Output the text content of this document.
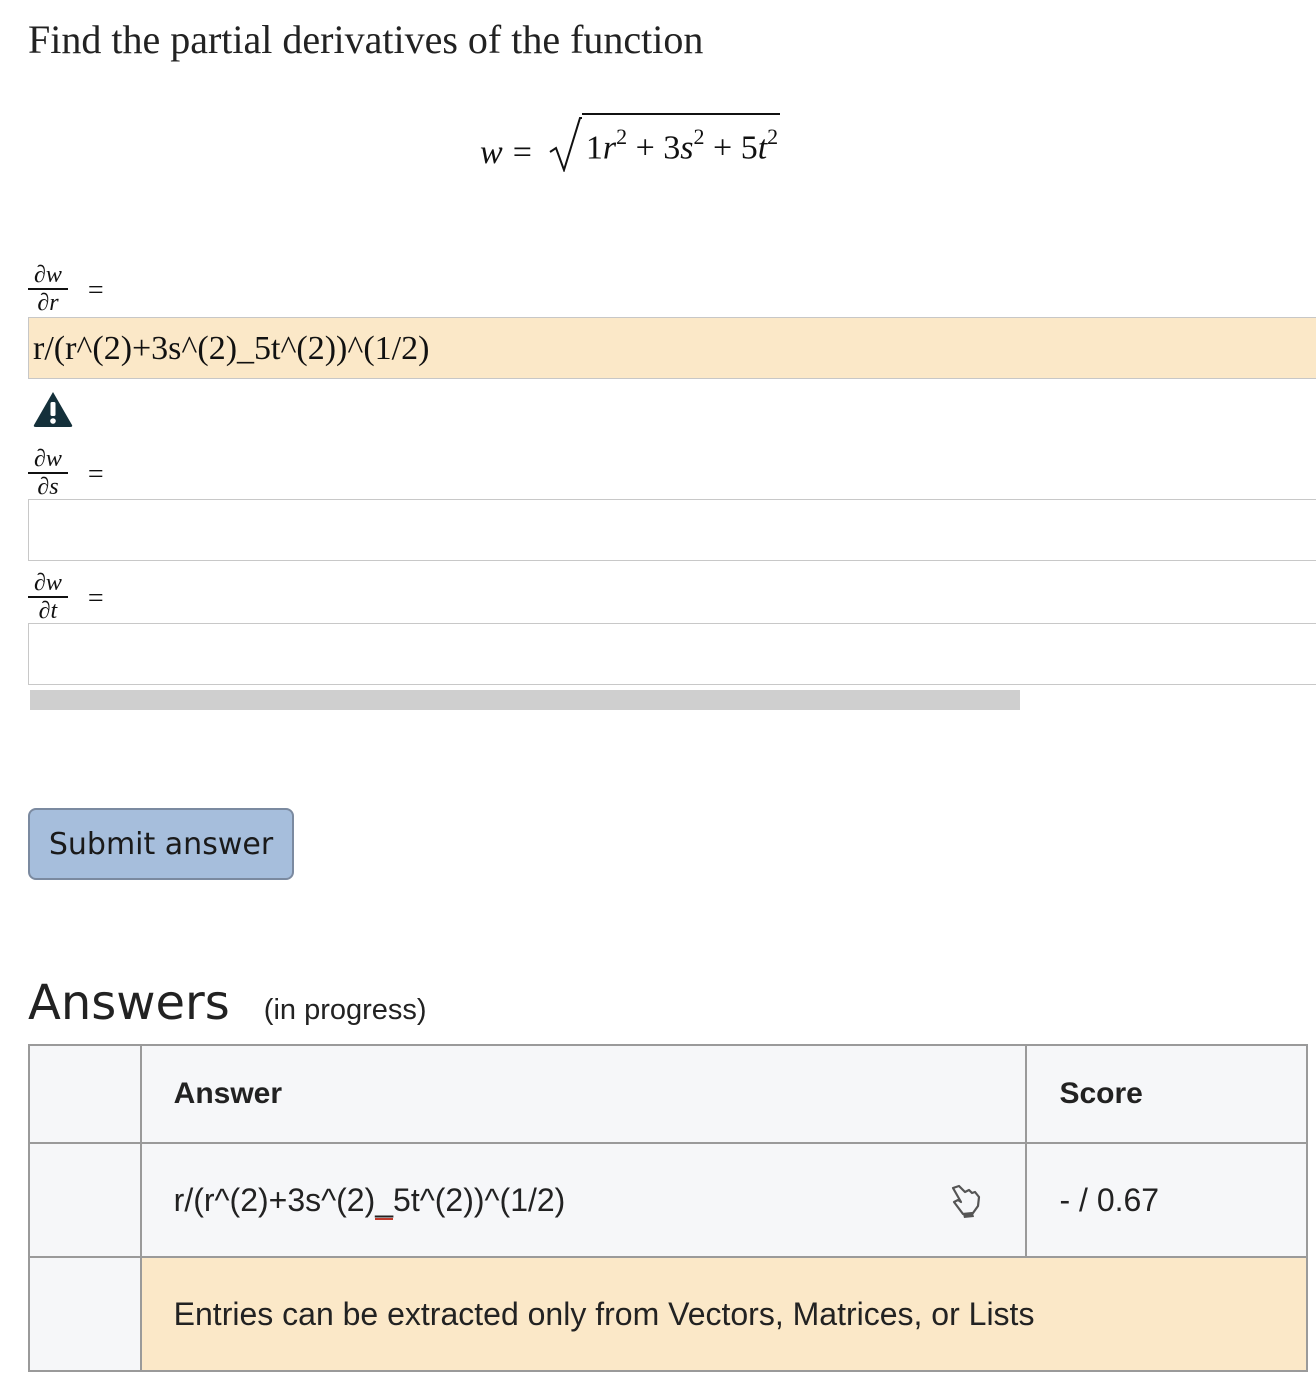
Find the partial derivatives of the function
$w = 1r^2 + 3s^2 + 5t^2$
$\frac{\partial w}{\partial r}$ =
r/(r^(2)+3s^(2)_5t^(2))^(1/2)
$\frac{\partial w}{\partial s}$ =
$\frac{\partial w}{\partial t}$ =
Submit answer
Answers (in progress)
	Answer	Score

	r/(r^(2)+3s^(2)_5t^(2))^(1/2)	- / 0.67
	Entries can be extracted only from Vectors, Matrices, or Lists	
